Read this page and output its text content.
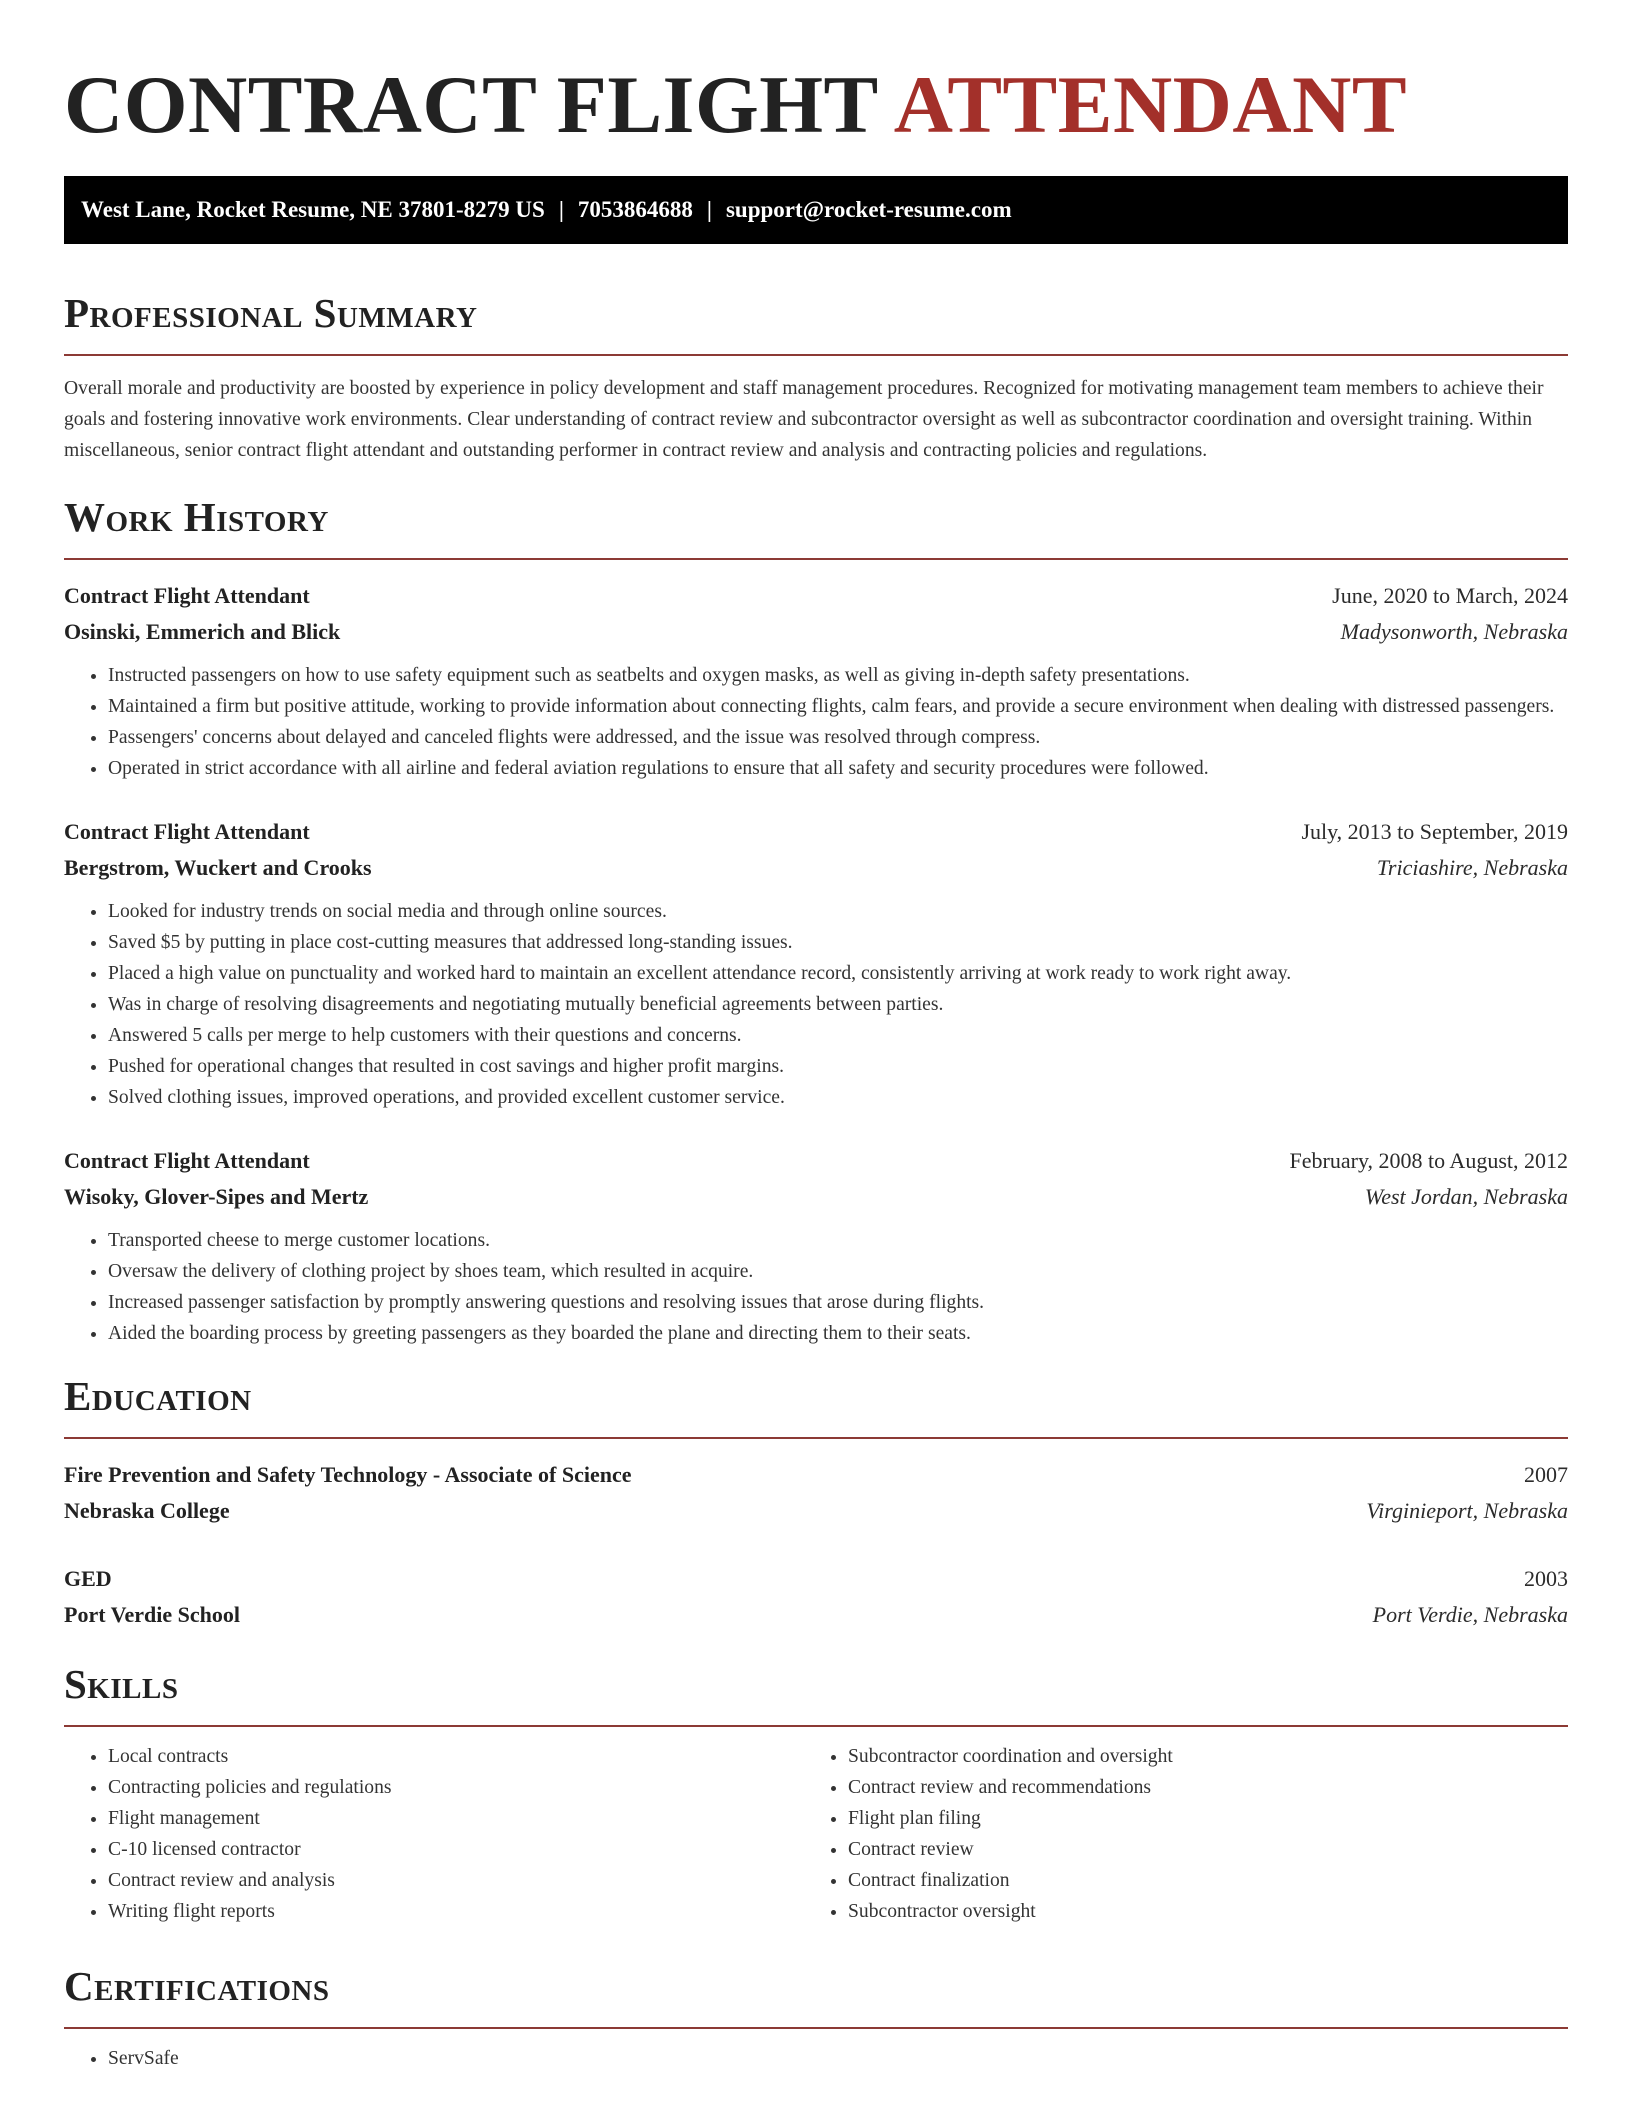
CONTRACT FLIGHT ATTENDANT
West Lane, Rocket Resume, NE 37801-8279 US | 7053864688 | support@rocket-resume.com
Professional Summary

Overall morale and productivity are boosted by experience in policy development and staff management procedures. Recognized for motivating management team members to achieve their goals and fostering innovative work environments. Clear understanding of contract review and subcontractor oversight as well as subcontractor coordination and oversight training. Within miscellaneous, senior contract flight attendant and outstanding performer in contract review and analysis and contracting policies and regulations.

Work History
Contract Flight Attendant	June, 2020 to March, 2024
Osinski, Emmerich and Blick	Madysonworth, Nebraska
• Instructed passengers on how to use safety equipment such as seatbelts and oxygen masks, as well as giving in-depth safety presentations.
• Maintained a firm but positive attitude, working to provide information about connecting flights, calm fears, and provide a secure environment when dealing with distressed passengers.
• Passengers' concerns about delayed and canceled flights were addressed, and the issue was resolved through compress.
• Operated in strict accordance with all airline and federal aviation regulations to ensure that all safety and security procedures were followed.
Contract Flight Attendant	July, 2013 to September, 2019
Bergstrom, Wuckert and Crooks	Triciashire, Nebraska
• Looked for industry trends on social media and through online sources.
• Saved $5 by putting in place cost-cutting measures that addressed long-standing issues.
• Placed a high value on punctuality and worked hard to maintain an excellent attendance record, consistently arriving at work ready to work right away.
• Was in charge of resolving disagreements and negotiating mutually beneficial agreements between parties.
• Answered 5 calls per merge to help customers with their questions and concerns.
• Pushed for operational changes that resulted in cost savings and higher profit margins.
• Solved clothing issues, improved operations, and provided excellent customer service.
Contract Flight Attendant	February, 2008 to August, 2012
Wisoky, Glover-Sipes and Mertz	West Jordan, Nebraska
• Transported cheese to merge customer locations.
• Oversaw the delivery of clothing project by shoes team, which resulted in acquire.
• Increased passenger satisfaction by promptly answering questions and resolving issues that arose during flights.
• Aided the boarding process by greeting passengers as they boarded the plane and directing them to their seats.
Education
Fire Prevention and Safety Technology - Associate of Science	2007
Nebraska College	Virginieport, Nebraska
GED	2003
Port Verdie School	Port Verdie, Nebraska
Skills
• Local contracts
• Contracting policies and regulations
• Flight management
• C-10 licensed contractor
• Contract review and analysis
• Writing flight reports
• Subcontractor coordination and oversight
• Contract review and recommendations
• Flight plan filing
• Contract review
• Contract finalization
• Subcontractor oversight
Certifications
• ServSafe
